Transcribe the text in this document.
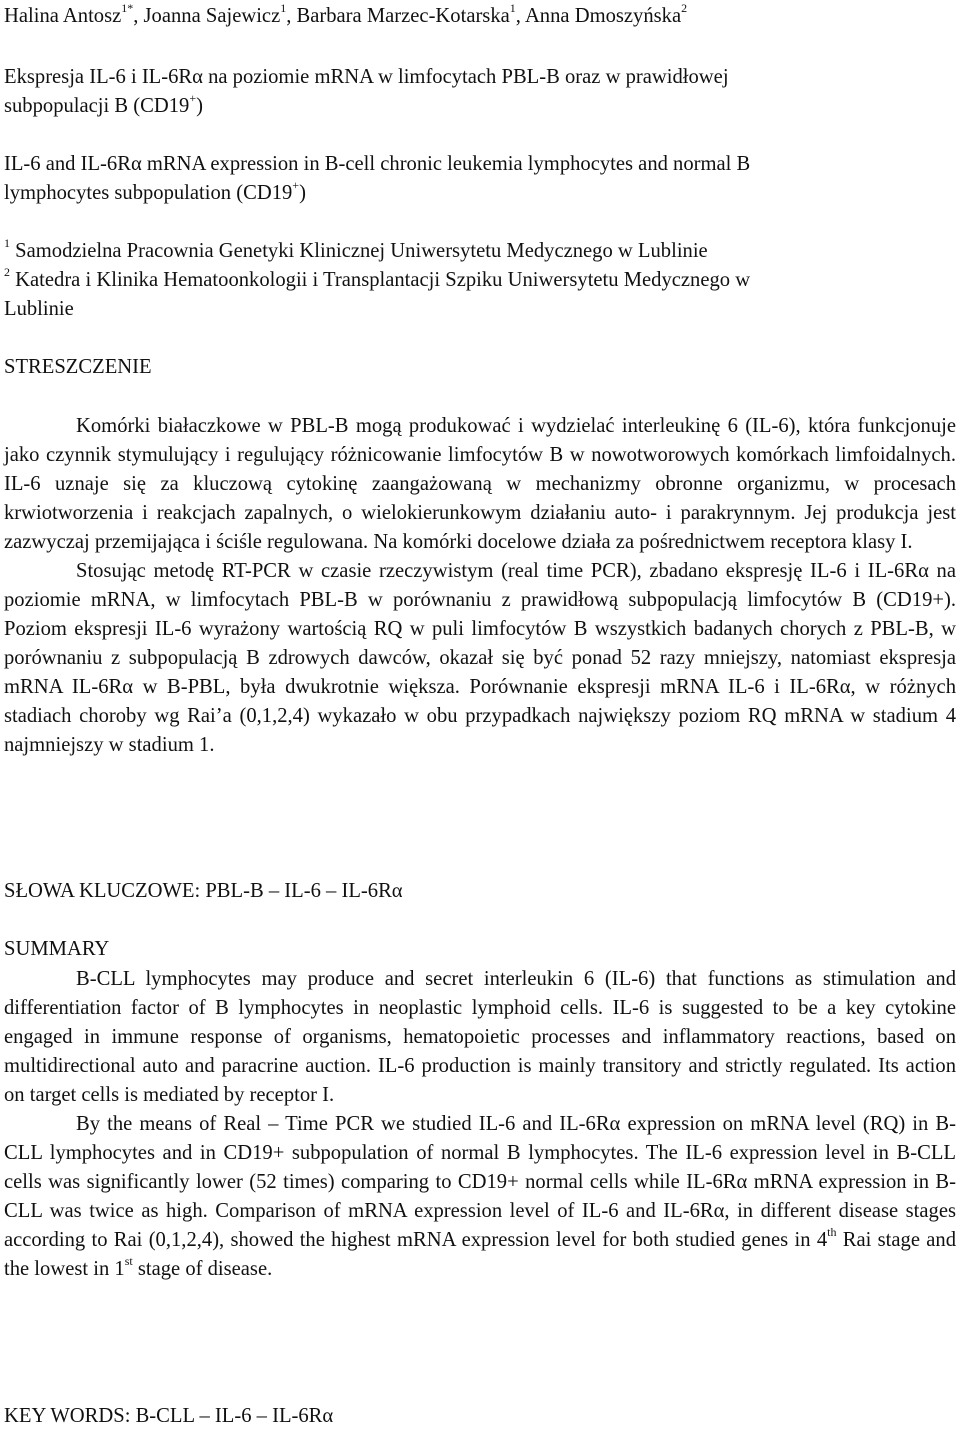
Halina Antosz$^{1*}$, Joanna Sajewicz$^1$, Barbara Marzec-Kotarska$^1$, Anna Dmoszyńska$^2$

Ekspresja IL-6 i IL-6Rα na poziomie mRNA w limfocytach PBL-B oraz w prawidłowej
subpopulacji B (CD19+)

IL-6 and IL-6Rα mRNA expression in B-cell chronic leukemia lymphocytes and normal B
lymphocytes subpopulation (CD19+)

$^1$ Samodzielna Pracownia Genetyki Klinicznej Uniwersytetu Medycznego w Lublinie
$^2$ Katedra i Klinika Hematoonkologii i Transplantacji Szpiku Uniwersytetu Medycznego w
Lublinie

STRESZCZENIE

Komórki białaczkowe w PBL-B mogą produkować i wydzielać interleukinę 6 (IL-6), która funkcjonuje jako czynnik stymulujący i regulujący różnicowanie limfocytów B w nowotworowych komórkach limfoidalnych. IL-6 uznaje się za kluczową cytokinę zaangażowaną w mechanizmy obronne organizmu, w procesach krwiotworzenia i reakcjach zapalnych, o wielokierunkowym działaniu auto- i parakrynnym. Jej produkcja jest zazwyczaj przemijająca i ściśle regulowana. Na komórki docelowe działa za pośrednictwem receptora klasy I.

Stosując metodę RT-PCR w czasie rzeczywistym (real time PCR), zbadano ekspresję IL-6 i IL-6Rα na poziomie mRNA, w limfocytach PBL-B w porównaniu z prawidłową subpopulacją limfocytów B (CD19+). Poziom ekspresji IL-6 wyrażony wartością RQ w puli limfocytów B wszystkich badanych chorych z PBL-B, w porównaniu z subpopulacją B zdrowych dawców, okazał się być ponad 52 razy mniejszy, natomiast ekspresja mRNA IL-6Rα w B-PBL, była dwukrotnie większa. Porównanie ekspresji mRNA IL-6 i IL-6Rα, w różnych stadiach choroby wg Rai’a (0,1,2,4) wykazało w obu przypadkach największy poziom RQ mRNA w stadium 4 najmniejszy w stadium 1.

SŁOWA KLUCZOWE: PBL-B – IL-6 – IL-6Rα

SUMMARY

B-CLL lymphocytes may produce and secret interleukin 6 (IL-6) that functions as stimulation and differentiation factor of B lymphocytes in neoplastic lymphoid cells. IL-6 is suggested to be a key cytokine engaged in immune response of organisms, hematopoietic processes and inflammatory reactions, based on multidirectional auto and paracrine auction. IL-6 production is mainly transitory and strictly regulated. Its action on target cells is mediated by receptor I.

By the means of Real – Time PCR we studied IL-6 and IL-6Rα expression on mRNA level (RQ) in B-CLL lymphocytes and in CD19+ subpopulation of normal B lymphocytes. The IL-6 expression level in B-CLL cells was significantly lower (52 times) comparing to CD19+ normal cells while IL-6Rα mRNA expression in B-CLL was twice as high. Comparison of mRNA expression level of IL-6 and IL-6Rα, in different disease stages according to Rai (0,1,2,4), showed the highest mRNA expression level for both studied genes in 4th Rai stage and the lowest in 1st stage of disease.

KEY WORDS: B-CLL – IL-6 – IL-6Rα
